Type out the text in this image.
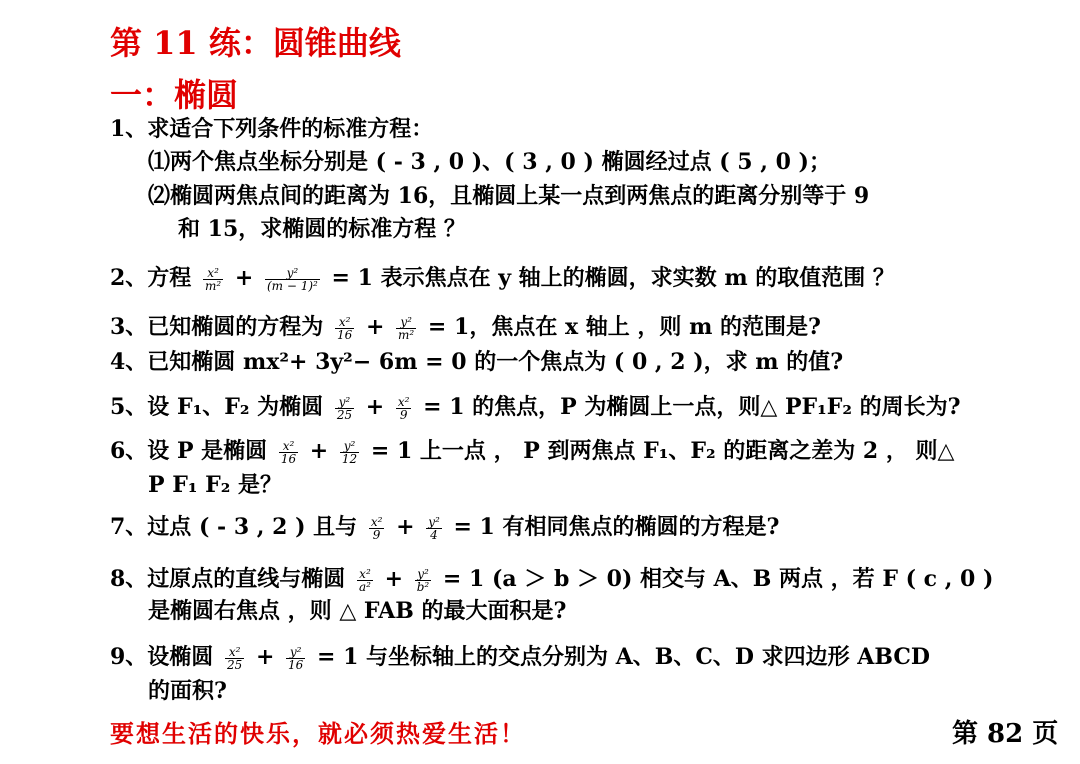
第 11 练：圆锥曲线
一：椭圆
1、求适合下列条件的标准方程：
⑴两个焦点坐标分别是 ( - 3 , 0 )、( 3 , 0 ) 椭圆经过点 ( 5 , 0 )；
⑵椭圆两焦点间的距离为 16，且椭圆上某一点到两焦点的距离分别等于 9
和 15，求椭圆的标准方程 ？
2、方程 $\frac{\text{x²}}{\text{m²}} + \frac{\text{y²}}{\text{(m − 1)²}} = 1$ 表示焦点在 y 轴上的椭圆，求实数 m 的取值范围 ？
3、已知椭圆的方程为 $\frac{\text{x²}}{16} + \frac{\text{y²}}{\text{m²}} = 1$，焦点在 x 轴上 ，则 m 的范围是?
4、已知椭圆 mx²+ 3y²− 6m = 0 的一个焦点为 ( 0 , 2 )，求 m 的值?
5、设 F₁、F₂ 为椭圆 $\frac{\text{y²}}{25} + \frac{\text{x²}}{9} = 1$ 的焦点，P 为椭圆上一点，则△ PF₁F₂ 的周长为?
6、设 P 是椭圆 $\frac{\text{x²}}{16} + \frac{\text{y²}}{12} = 1$ 上一点 ， P 到两焦点 F₁、F₂ 的距离之差为 2 ， 则△
P F₁ F₂ 是？
7、过点 ( - 3 , 2 ) 且与 $\frac{\text{x²}}{9} + \frac{\text{y²}}{4} = 1$ 有相同焦点的椭圆的方程是?
8、过原点的直线与椭圆 $\frac{\text{x²}}{\text{a²}} + \frac{\text{y²}}{\text{b²}} = 1$ (a ＞ b ＞ 0) 相交与 A、B 两点 ，若 F ( c , 0 )
是椭圆右焦点 ，则 △ FAB 的最大面积是?
9、设椭圆 $\frac{\text{x²}}{25} + \frac{\text{y²}}{16} = 1$ 与坐标轴上的交点分别为 A、B、C、D 求四边形 ABCD
的面积?
要想生活的快乐，就必须热爱生活！	第 82 页
